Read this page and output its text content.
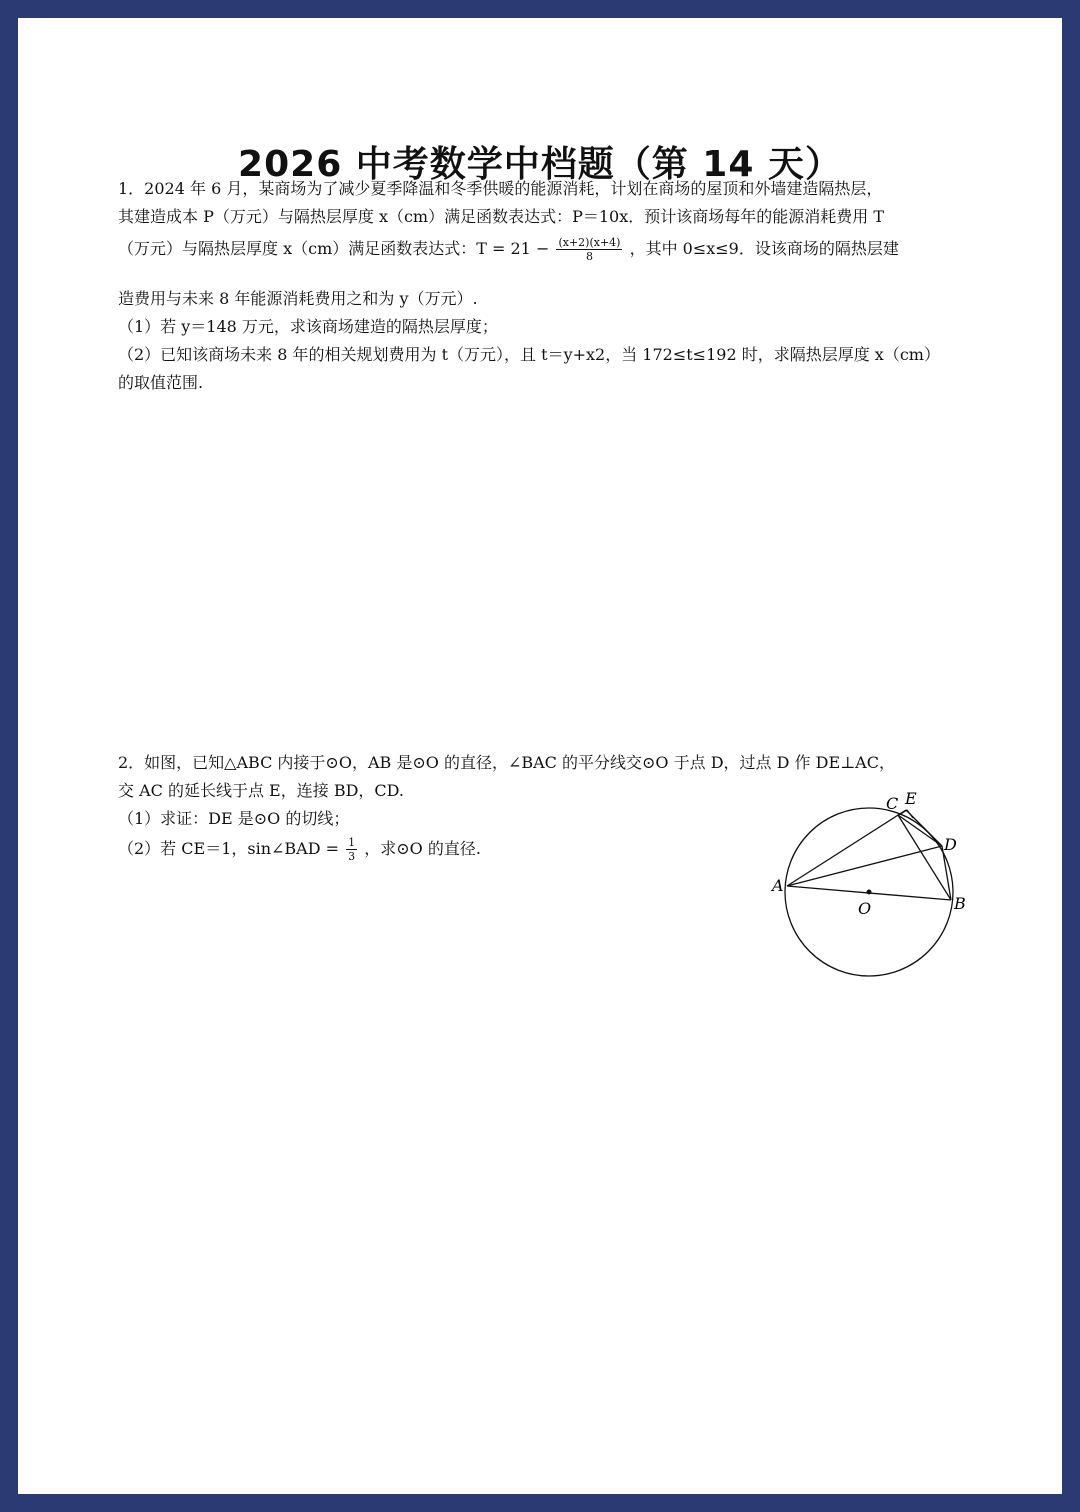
2026 中考数学中档题（第 14 天）
1．2024 年 6 月，某商场为了减少夏季降温和冬季供暖的能源消耗，计划在商场的屋顶和外墙建造隔热层，
其建造成本 P（万元）与隔热层厚度 x（cm）满足函数表达式：P＝10x．预计该商场每年的能源消耗费用 T
（万元）与隔热层厚度 x（cm）满足函数表达式：$T = 21 - \frac{(x+2)(x+4)}{8}$ ，其中 0≤x≤9．设该商场的隔热层建
造费用与未来 8 年能源消耗费用之和为 y（万元）.
（1）若 y＝148 万元，求该商场建造的隔热层厚度；
（2）已知该商场未来 8 年的相关规划费用为 t（万元），且 t＝y+x2，当 172≤t≤192 时，求隔热层厚度 x（cm）
的取值范围.
2．如图，已知△ABC 内接于⊙O，AB 是⊙O 的直径，∠BAC 的平分线交⊙O 于点 D，过点 D 作 DE⊥AC，
交 AC 的延长线于点 E，连接 BD，CD.
（1）求证：DE 是⊙O 的切线；
（2）若 CE＝1，sin∠BAD = $\frac{1}{3}$ ，求⊙O 的直径.
A
B
C
D
E
O
